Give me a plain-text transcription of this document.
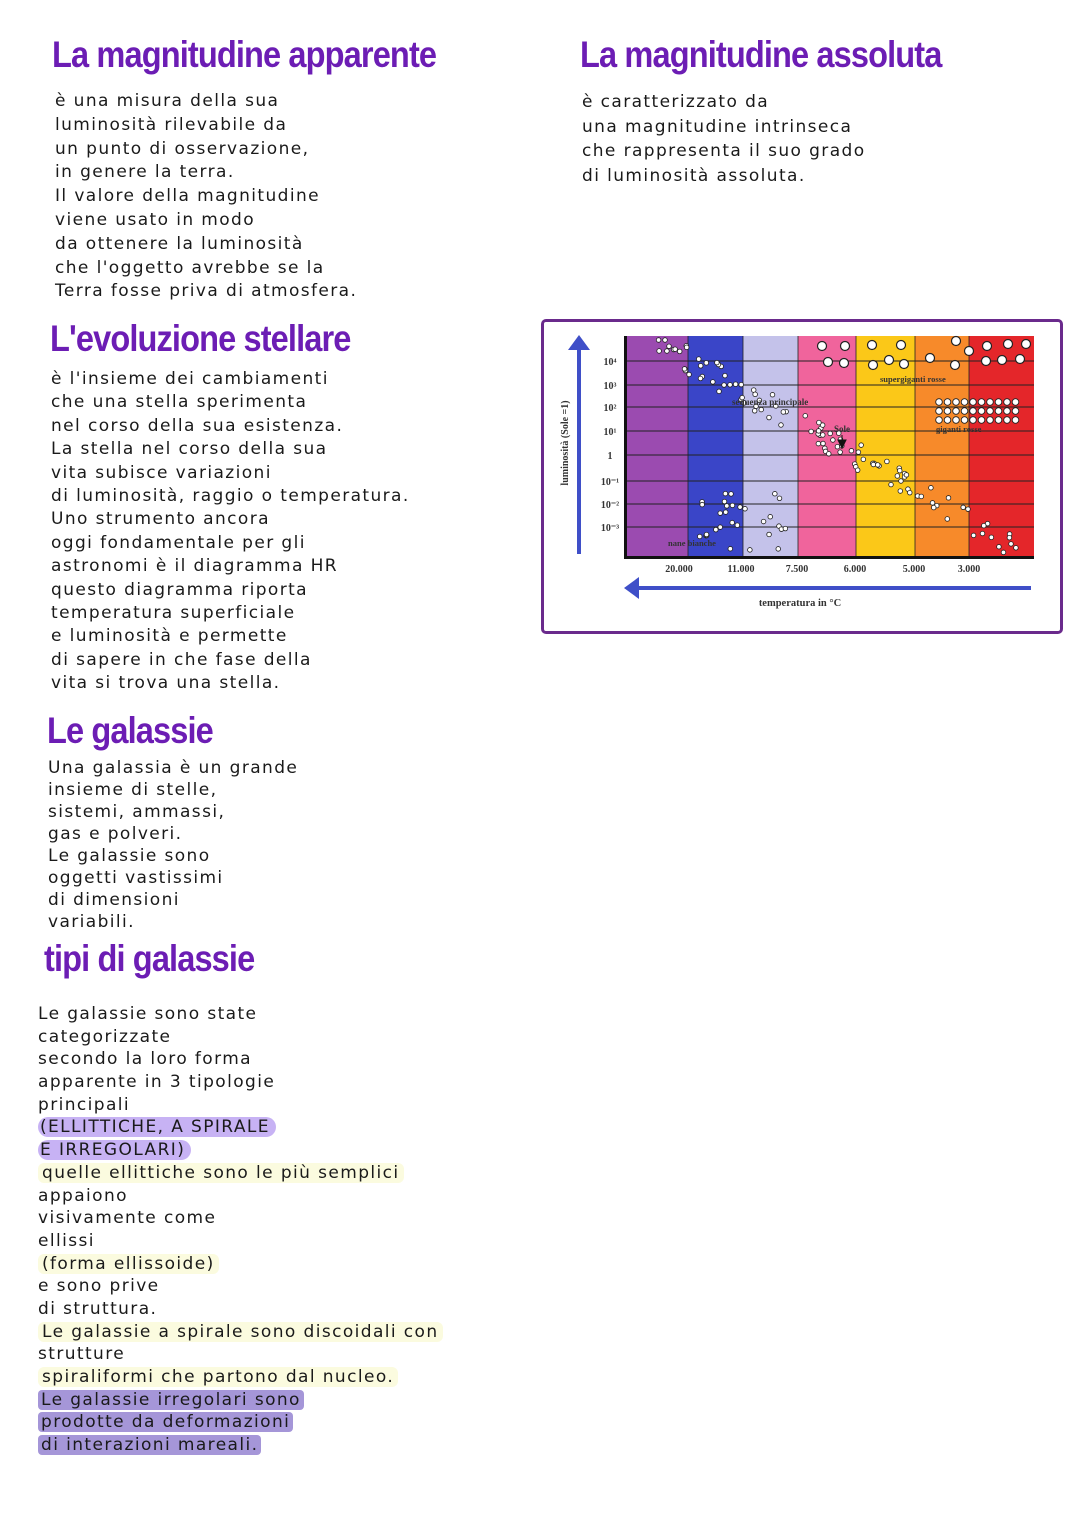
La magnitudine apparente
è una misura della sua
luminosità rilevabile da
un punto di osservazione,
in genere la terra.
Il valore della magnitudine
viene usato in modo
da ottenere la luminosità
che l'oggetto avrebbe se la
Terra fosse priva di atmosfera.
La magnitudine assoluta
è caratterizzato da
una magnitudine intrinseca
che rappresenta il suo grado
di luminosità assoluta.
L'evoluzione stellare
è l'insieme dei cambiamenti
che una stella sperimenta
nel corso della sua esistenza.
La stella nel corso della sua
vita subisce variazioni
di luminosità, raggio o temperatura.
Uno strumento ancora
oggi fondamentale per gli
astronomi è il diagramma HR
questo diagramma riporta
temperatura superficiale
e luminosità e permette
di sapere in che fase della
vita si trova una stella.
Le galassie
Una galassia è un grande
insieme di stelle,
sistemi, ammassi,
gas e polveri.
Le galassie sono
oggetti vastissimi
di dimensioni
variabili.
tipi di galassie
Le galassie sono state
categorizzate
secondo la loro forma
apparente in 3 tipologie
principali
(ELLITTICHE, A SPIRALE
E IRREGOLARI)
quelle ellittiche sono le più semplici
appaiono
visivamente come
ellissi
(forma ellissoide)
e sono prive
di struttura.
Le galassie a spirale sono discoidali con
strutture
spiraliformi che partono dal nucleo.
Le galassie irregolari sono
prodotte da deformazioni
di interazioni mareali.
10⁴
10³
10²
10¹
1
10⁻¹
10⁻²
10⁻³
20.000	11.000	7.500	6.000	5.000	3.000
sequenza principale
Sole
supergiganti rosse
giganti rosse
nane bianche
luminosità (Sole =1)
temperatura in °C
